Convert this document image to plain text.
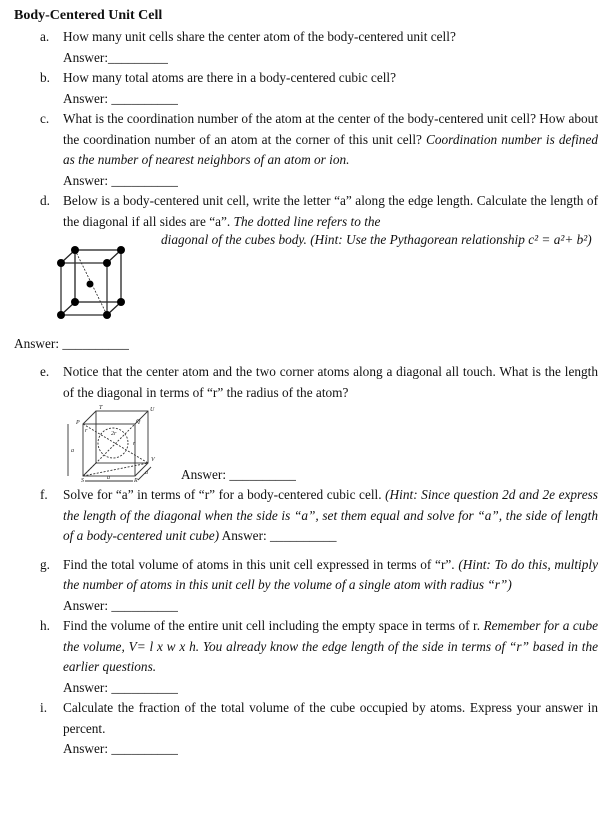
Body-Centered Unit Cell
a. How many unit cells share the center atom of the body-centered unit cell?
Answer:_________
b. How many total atoms are there in a body-centered cubic cell?
Answer: __________
c. What is the coordination number of the atom at the center of the body-centered unit cell? How about the coordination number of an atom at the corner of this unit cell? Coordination number is defined as the number of nearest neighbors of an atom or ion.
Answer: __________
d. Below is a body-centered unit cell, write the letter “a” along the edge length. Calculate the length of the diagonal if all sides are “a”. The dotted line refers to the
diagonal of the cubes body. (Hint: Use the Pythagorean relationship c² = a²+ b²)
Answer: __________
e. Notice that the center atom and the two corner atoms along a diagonal all touch. What is the length of the diagonal in terms of “r” the radius of the atom?
T	U
P	Q
r	2r
r
V
S	R
a
a
a Answer: __________
f. Solve for “a” in terms of “r” for a body-centered cubic cell. (Hint: Since question 2d and 2e express the length of the diagonal when the side is “a”, set them equal and solve for “a”, the side of length of a body-centered unit cube) Answer: __________
g. Find the total volume of atoms in this unit cell expressed in terms of “r”. (Hint: To do this, multiply the number of atoms in this unit cell by the volume of a single atom with radius “r”)
Answer: __________
h. Find the volume of the entire unit cell including the empty space in terms of r. Remember for a cube the volume, V= l x w x h. You already know the edge length of the side in terms of “r” based in the earlier questions.
Answer: __________
i. Calculate the fraction of the total volume of the cube occupied by atoms. Express your answer in percent.
Answer: __________
